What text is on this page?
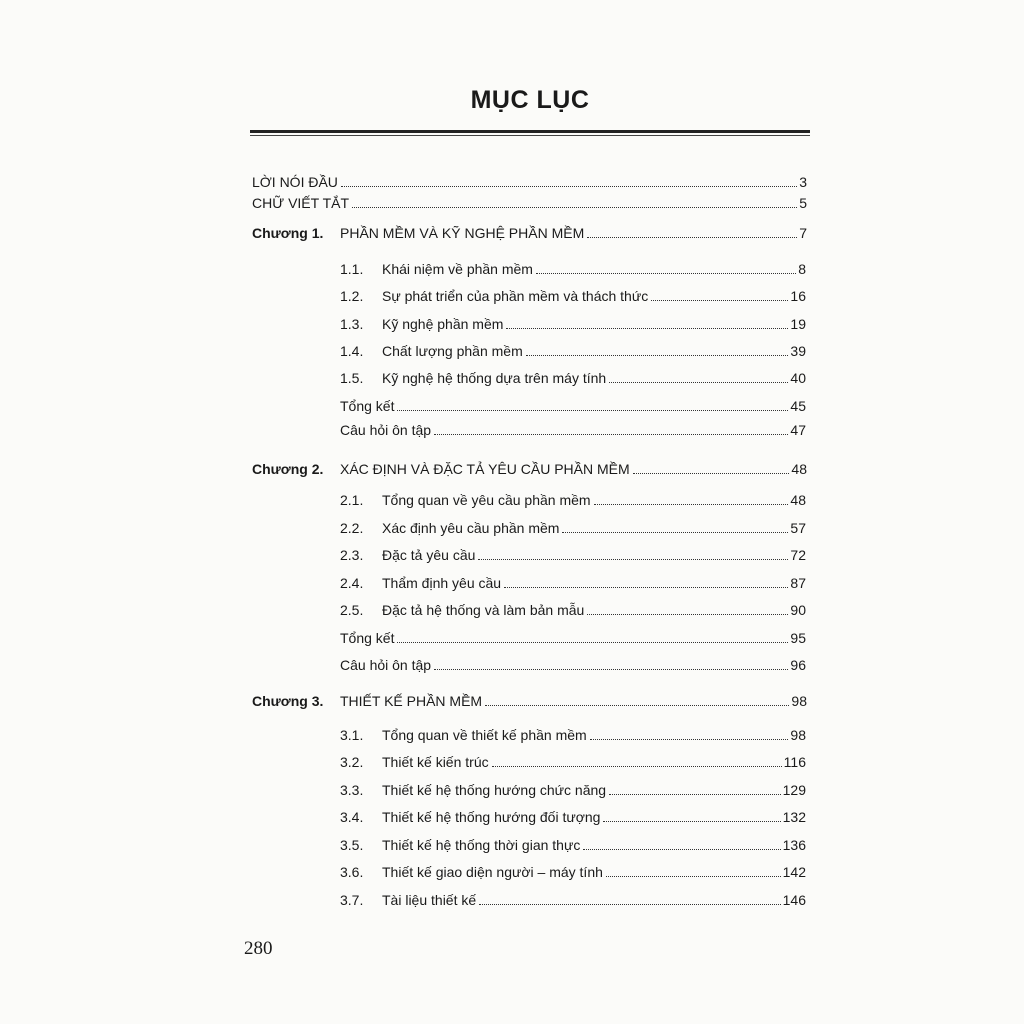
MỤC LỤC
LỜI NÓI ĐẦU	3
CHỮ VIẾT TẮT	5
Chương 1.	PHẦN MỀM VÀ KỸ NGHỆ PHẦN MỀM	7
1.1.	Khái niệm về phần mềm	8
1.2.	Sự phát triển của phần mềm và thách thức	16
1.3.	Kỹ nghệ phần mềm	19
1.4.	Chất lượng phần mềm	39
1.5.	Kỹ nghệ hệ thống dựa trên máy tính	40
Tổng kết	45
Câu hỏi ôn tập	47
Chương 2.	XÁC ĐỊNH VÀ ĐẶC TẢ YÊU CẦU PHẦN MỀM	48
2.1.	Tổng quan về yêu cầu phần mềm	48
2.2.	Xác định yêu cầu phần mềm	57
2.3.	Đặc tả yêu cầu	72
2.4.	Thẩm định yêu cầu	87
2.5.	Đặc tả hệ thống và làm bản mẫu	90
Tổng kết	95
Câu hỏi ôn tập	96
Chương 3.	THIẾT KẾ PHẦN MỀM	98
3.1.	Tổng quan về thiết kế phần mềm	98
3.2.	Thiết kế kiến trúc	116
3.3.	Thiết kế hệ thống hướng chức năng	129
3.4.	Thiết kế hệ thống hướng đối tượng	132
3.5.	Thiết kế hệ thống thời gian thực	136
3.6.	Thiết kế giao diện người – máy tính	142
3.7.	Tài liệu thiết kế	146
280
